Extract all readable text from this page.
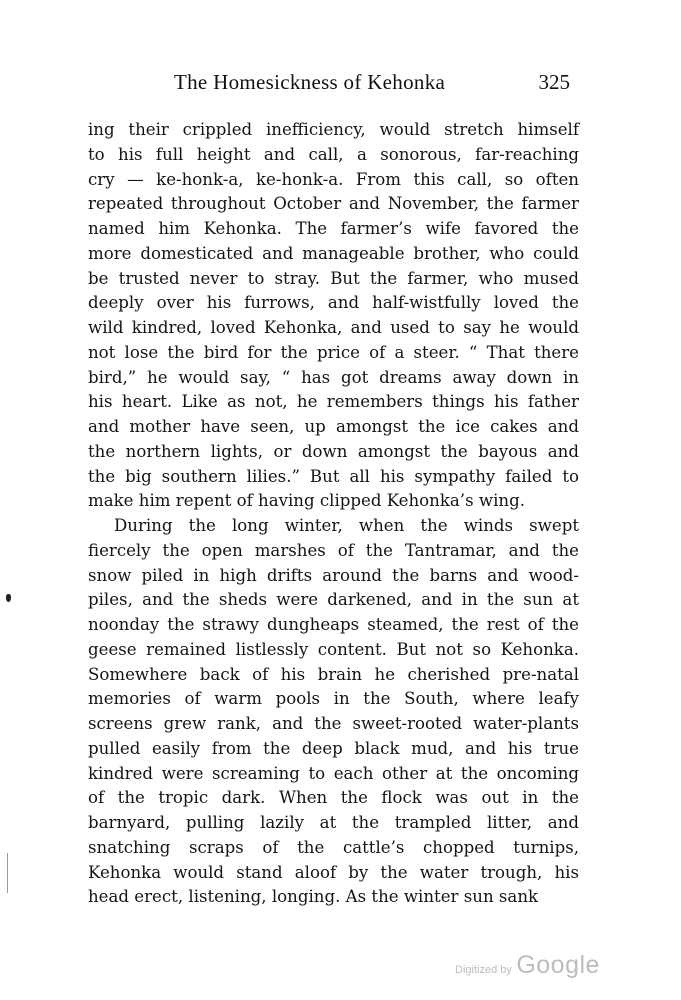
The Homesickness of Kehonka	325
ing their crippled inefficiency, would stretch himself
to his full height and call, a sonorous, far-reaching
cry — ke-honk-a, ke-honk-a. From this call, so often
repeated throughout October and November, the farmer
named him Kehonka. The farmer’s wife favored the
more domesticated and manageable brother, who could
be trusted never to stray. But the farmer, who mused
deeply over his furrows, and half-wistfully loved the
wild kindred, loved Kehonka, and used to say he would
not lose the bird for the price of a steer. “ That there
bird,” he would say, “ has got dreams away down in
his heart. Like as not, he remembers things his father
and mother have seen, up amongst the ice cakes and
the northern lights, or down amongst the bayous and
the big southern lilies.” But all his sympathy failed to
make him repent of having clipped Kehonka’s wing.
During the long winter, when the winds swept
fiercely the open marshes of the Tantramar, and the
snow piled in high drifts around the barns and wood-
piles, and the sheds were darkened, and in the sun at
noonday the strawy dungheaps steamed, the rest of the
geese remained listlessly content. But not so Kehonka.
Somewhere back of his brain he cherished pre-natal
memories of warm pools in the South, where leafy
screens grew rank, and the sweet-rooted water-plants
pulled easily from the deep black mud, and his true
kindred were screaming to each other at the oncoming
of the tropic dark. When the flock was out in the
barnyard, pulling lazily at the trampled litter, and
snatching scraps of the cattle’s chopped turnips,
Kehonka would stand aloof by the water trough, his
head erect, listening, longing. As the winter sun sank
Digitized by Google
